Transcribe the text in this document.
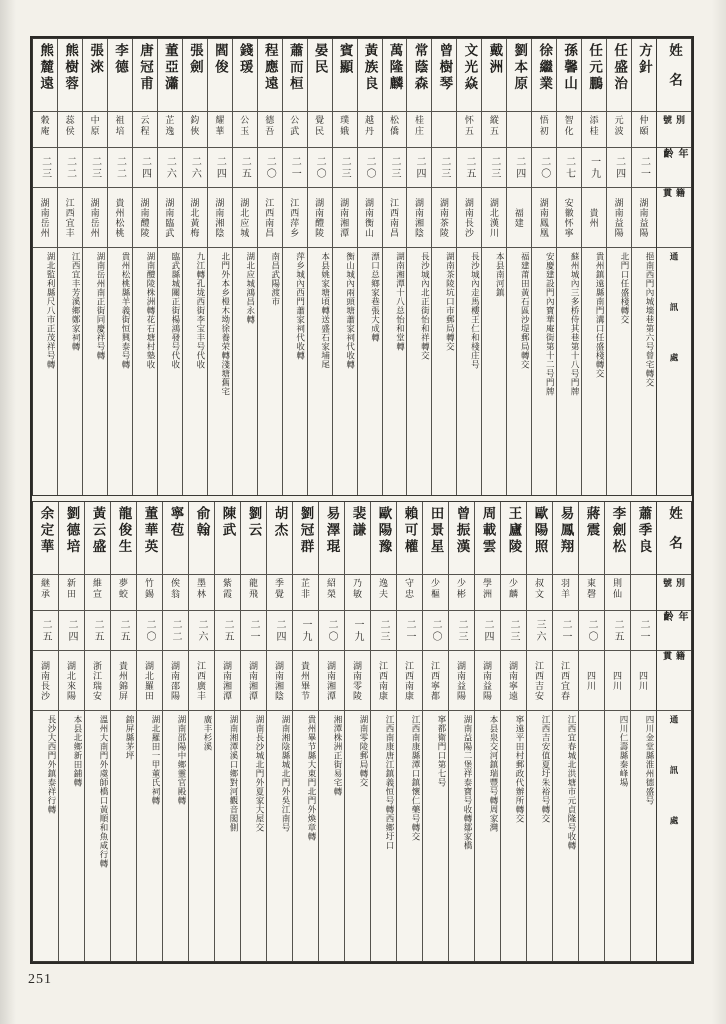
姓名
別號
年齡
籍貫
通訊處
方針
仲頤
二一
湖南益陽
挹南西門內城墻巷第六号曾宅轉交
任盛治
元波
二四
湖南益陽
北門口任盛棧轉交
任元鵬
添桂
一九
貴州
貴州鎮遠縣南門溝口任盛棧轉交
孫馨山
智化
二七
安徽怀寧
蘇州城內三多桥侍其巷第十八号門牌
徐繼業
悟初
二〇
湖南鳳凰
安慶建設門內寶華庵街第十二号門牌
劉本原
二四
福建
福建莆田黃石區沙堤郵局轉交
戴洲
縱五
二三
湖北漢川
本县南河鎮
文光焱
怀五
二五
湖南長沙
長沙城內走馬樓王仁和棧庄号
曾樹琴
二三
湖南茶陵
湖南茶陵坑口市郵局轉交
常蔭森
桂庄
二四
湖南湘陰
長沙城內北正街怡和祥轉交
萬隆麟
松僑
二三
江西南昌
湖南湘潭十八总怡和堂轉
黃族良
越丹
二〇
湖南衡山
漂口总鄉家巷張大成轉
賓顯
璞娥
二三
湖南湘潭
衡山城內兩頭塘蕭家祠代收轉
晏民
覺民
二〇
湖南醴陵
本县姚家塘頃轉送盛石家埔尾
蕭而桓
公武
二一
江西萍乡
萍乡城內西門蕭家祠代收轉
程應遠
德吾
二〇
江西南昌
南昌武陽渡市
錢瑗
公玉
二五
湖北应城
湖北应城鴻昌永轉
閻俊
耀華
二四
湖南湘陰
北門外本乡榿木坳徐養荣轉淺塘舊宅
張劍
鈞俠
二六
湖北黃梅
九江轉孔垅西街李宝丰号代收
董亞瀟
芷逸
二六
湖南臨武
臨武縣城關正街楊鴻發号代收
唐冠甫
云程
二四
湖南醴陵
湖南醴陵株洲轉花石塘村塾收
李德
祖培
二二
貴州松桃
貴州松桃縣羊義街恒興泰号轉
張淶
中原
二三
湖南岳州
湖南岳州南正街同慶祥号轉
熊樹蓉
蕊侯
二二
江西宜丰
江西宜丰芳溪鄉鄭家祠轉
熊麓遠
穀庵
二三
湖南岳州
湖北監利縣尺八市正茂祥号轉
姓名
別號
年齡
籍貫
通訊處
蕭季良
二一
四川
四川金堂縣淮州德盛号
李劍松
則仙
二五
四川
四川仁壽縣秦峰場
蔣震
東磬
二〇
四川
易鳳翔
羽羊
二一
江西宜春
江西宜春城北洪塘市元貞隆号收轉
歐陽照
叔文
三六
江西吉安
江西吉安值夏圩朱裕号轉交
王廬陵
少麟
二三
湖南寧遠
寧遠平田村郵政代辦所轉交
周載雲
學洲
二四
湖南益陽
本县泉交河鎮瑞豐号轉周家灣
曾振漢
少彬
二三
湖南益陽
湖南益陽二堡祥泰寶号收轉鄒家橋
田景星
少樞
二〇
江西寧都
寧都衛門口第七号
賴可權
守忠
二一
江西南康
江西南康縣潭口鎮懷仁藥号轉交
歐陽豫
逸夫
二三
江西南康
江西南康唐江鎮義恒号轉西鄉圩口
裴謙
乃敏
一九
湖南零陵
湖南零陵郵局轉交
易澤琨
紹榮
二〇
湖南湘潭
湘潭株洲正街易宅轉
劉冠群
芷非
一九
貴州畢节
貴州畢节縣大東門北門外煥章轉
胡杰
季覺
二四
湖南湘陰
湖南湘陰縣城北門外吳江南号
劉云
龍飛
二一
湖南湘潭
湖南長沙城北門外夏家大屋交
陳武
紫霞
二五
湖南湘潭
湖南湘潭溪口鄉對河觀音閣側
俞翰
墨林
二六
江西廣丰
廣丰杉溪
寧苞
俟翁
二二
湖南邵陽
湖南邵陽中鄉靈官殿轉
董華英
竹錫
二〇
湖北羅田
湖北羅田一甲董氏祠轉
龍俊生
夢蛟
二五
貴州錦屏
錦屏縣茅坪
黃云盛
維宣
二五
浙江瑞安
溫州大南門外虞師橋口黃順和魚咸行轉
劉德培
新田
二四
湖北來陽
本县北鄉新田鋪轉
余定華
継承
二五
湖南長沙
長沙大西門外鎮泰祥行轉
251
